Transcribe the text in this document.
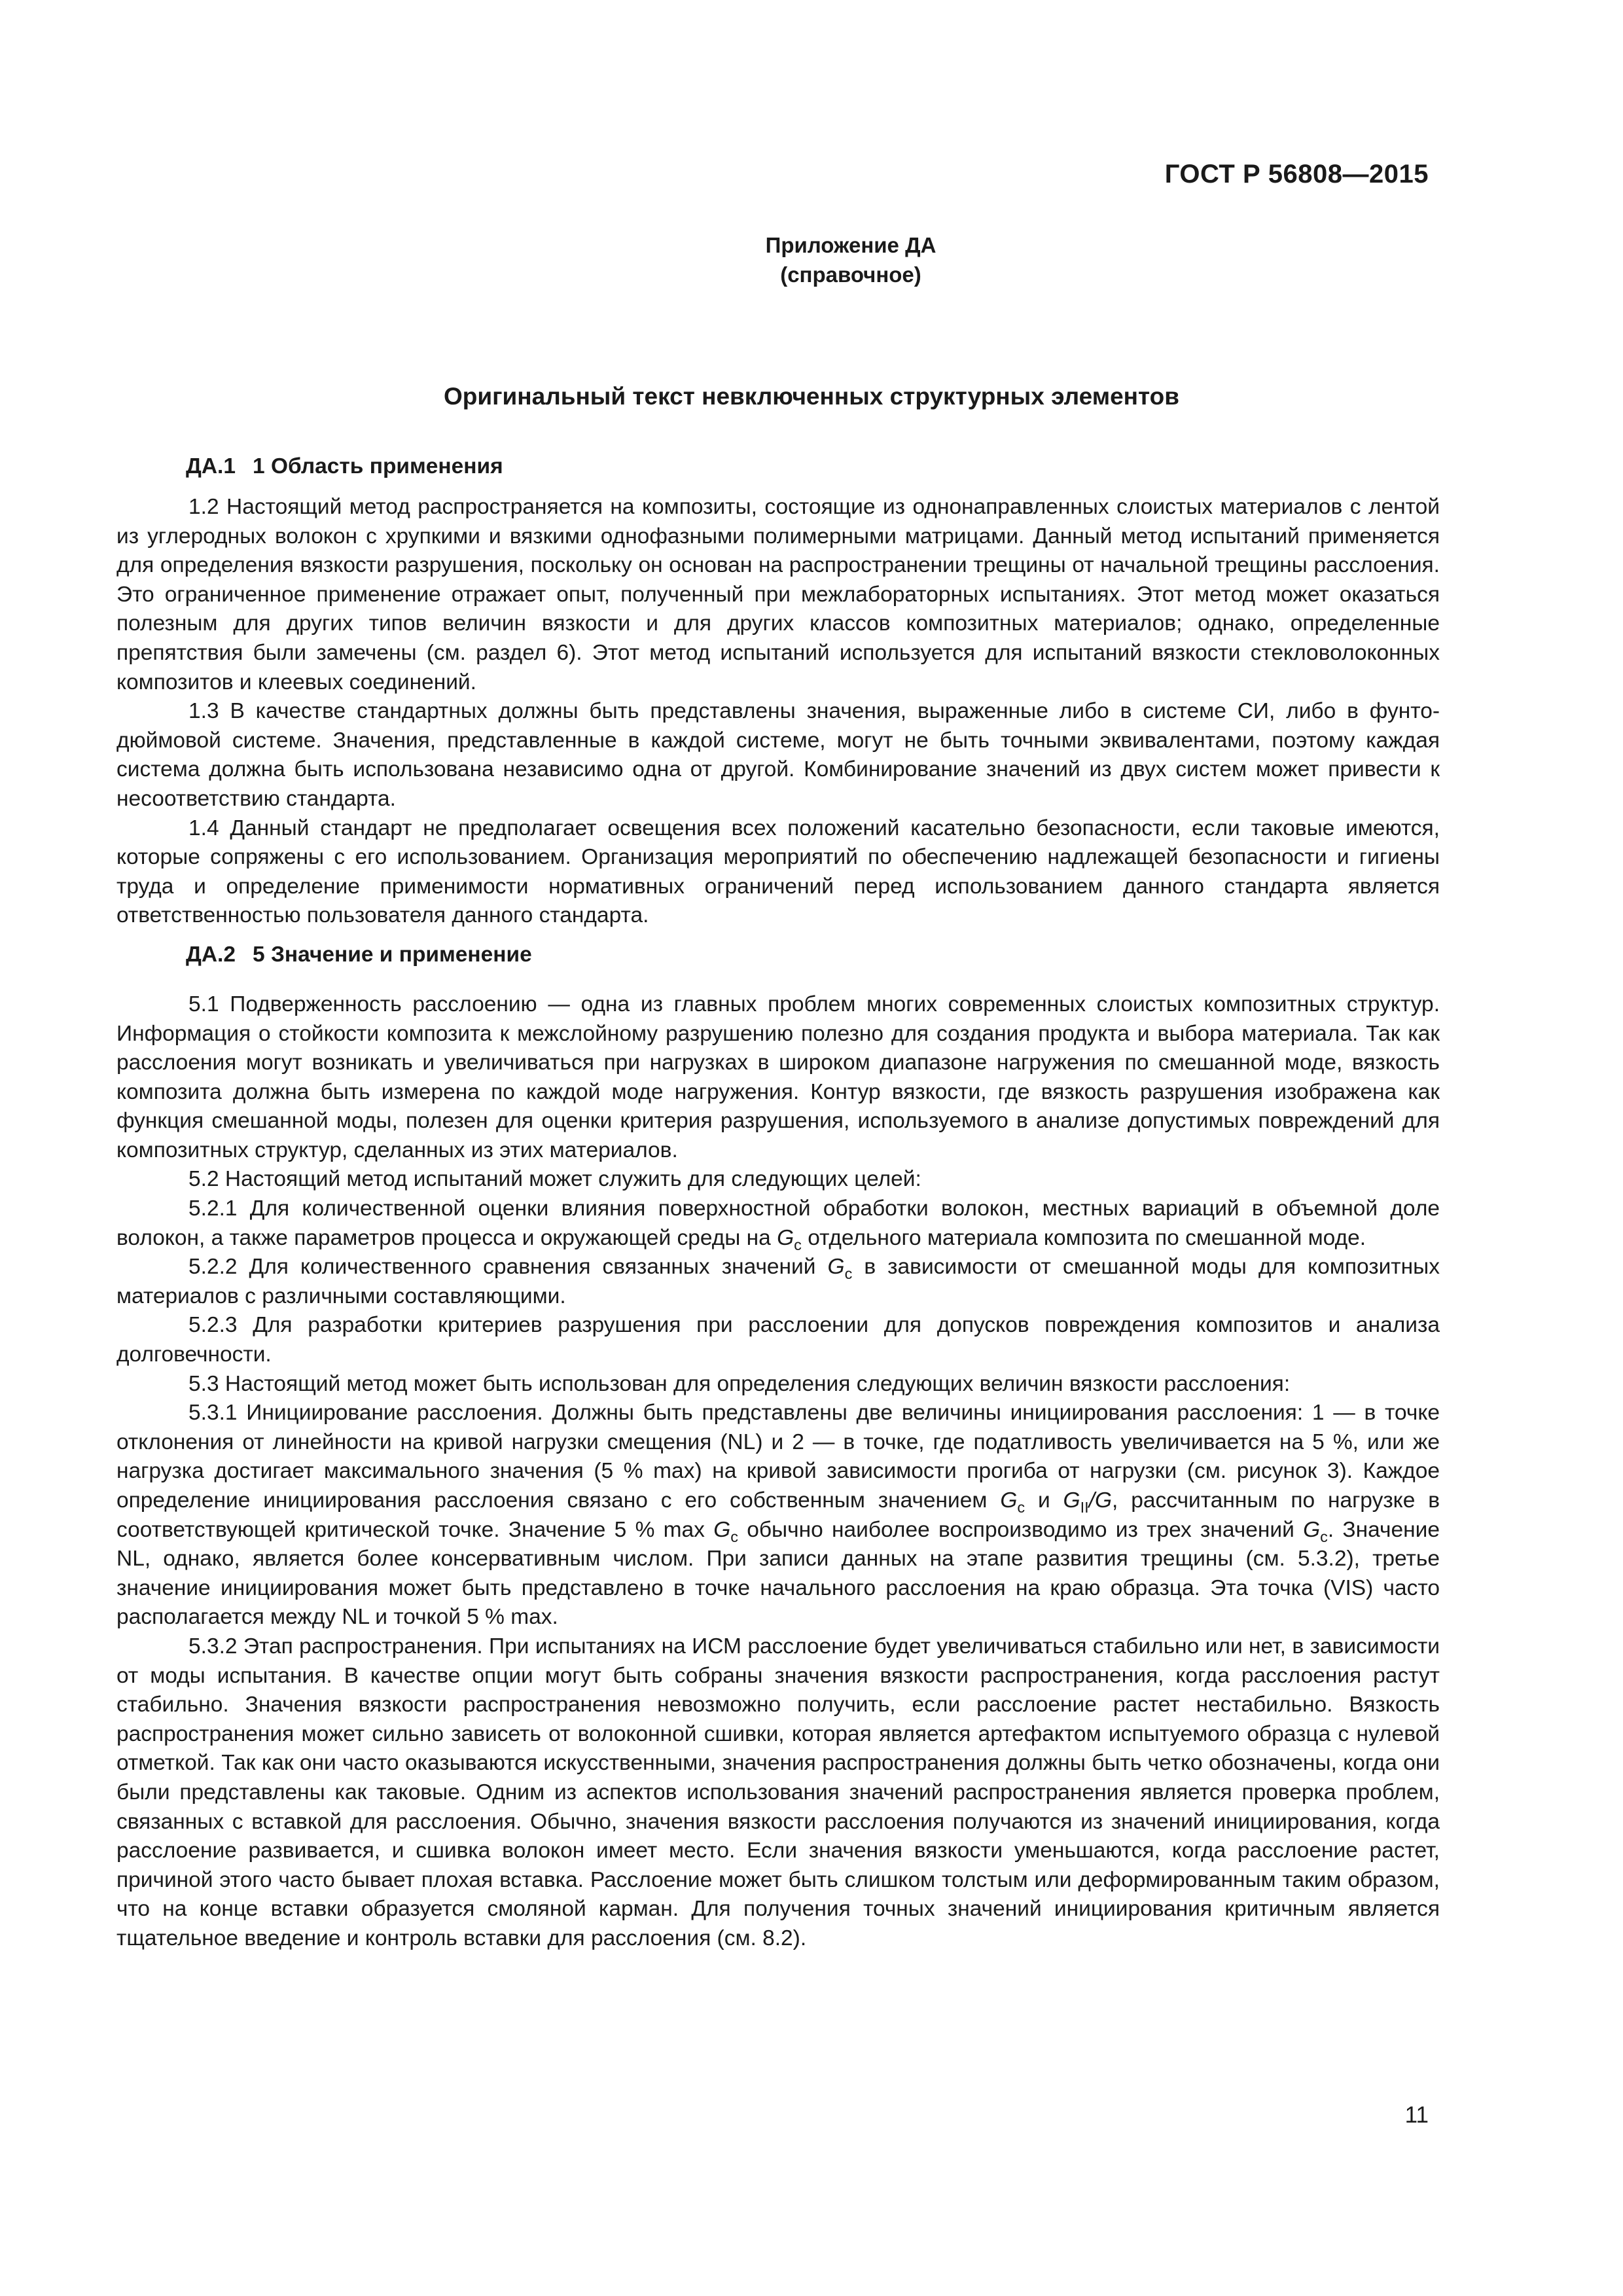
ГОСТ Р 56808—2015
Приложение ДА
(справочное)
Оригинальный текст невключенных структурных элементов
ДА.1 1 Область применения

1.2 Настоящий метод распространяется на композиты, состоящие из однонаправленных слоистых материалов с лентой из углеродных волокон с хрупкими и вязкими однофазными полимерными матрицами. Данный метод испытаний применяется для определения вязкости разрушения, поскольку он основан на распространении трещины от начальной трещины расслоения. Это ограниченное применение отражает опыт, полученный при межлабораторных испытаниях. Этот метод может оказаться полезным для других типов величин вязкости и для других классов композитных материалов; однако, определенные препятствия были замечены (см. раздел 6). Этот метод испытаний используется для испытаний вязкости стекловолоконных композитов и клеевых соединений.

1.3 В качестве стандартных должны быть представлены значения, выраженные либо в системе СИ, либо в фунто-дюймовой системе. Значения, представленные в каждой системе, могут не быть точными эквивалентами, поэтому каждая система должна быть использована независимо одна от другой. Комбинирование значений из двух систем может привести к несоответствию стандарта.

1.4 Данный стандарт не предполагает освещения всех положений касательно безопасности, если таковые имеются, которые сопряжены с его использованием. Организация мероприятий по обеспечению надлежащей безопасности и гигиены труда и определение применимости нормативных ограничений перед использованием данного стандарта является ответственностью пользователя данного стандарта.

ДА.2 5 Значение и применение

5.1 Подверженность расслоению — одна из главных проблем многих современных слоистых композитных структур. Информация о стойкости композита к межслойному разрушению полезно для создания продукта и выбора материала. Так как расслоения могут возникать и увеличиваться при нагрузках в широком диапазоне нагружения по смешанной моде, вязкость композита должна быть измерена по каждой моде нагружения. Контур вязкости, где вязкость разрушения изображена как функция смешанной моды, полезен для оценки критерия разрушения, используемого в анализе допустимых повреждений для композитных структур, сделанных из этих материалов.

5.2 Настоящий метод испытаний может служить для следующих целей:

5.2.1 Для количественной оценки влияния поверхностной обработки волокон, местных вариаций в объемной доле волокон, а также параметров процесса и окружающей среды на $G_c$ отдельного материала композита по смешанной моде.

5.2.2 Для количественного сравнения связанных значений $G_c$ в зависимости от смешанной моды для композитных материалов с различными составляющими.

5.2.3 Для разработки критериев разрушения при расслоении для допусков повреждения композитов и анализа долговечности.

5.3 Настоящий метод может быть использован для определения следующих величин вязкости расслоения:

5.3.1 Инициирование расслоения. Должны быть представлены две величины инициирования расслоения: 1 — в точке отклонения от линейности на кривой нагрузки смещения (NL) и 2 — в точке, где податливость увеличивается на 5 %, или же нагрузка достигает максимального значения (5 % max) на кривой зависимости прогиба от нагрузки (см. рисунок 3). Каждое определение инициирования расслоения связано с его собственным значением $G_c$ и $G_{II}/G$, рассчитанным по нагрузке в соответствующей критической точке. Значение 5 % $\max G_c$ обычно наиболее воспроизводимо из трех значений $G_c$. Значение NL, однако, является более консервативным числом. При записи данных на этапе развития трещины (см. 5.3.2), третье значение инициирования может быть представлено в точке начального расслоения на краю образца. Эта точка (VIS) часто располагается между NL и точкой 5 % max.

5.3.2 Этап распространения. При испытаниях на ИСМ расслоение будет увеличиваться стабильно или нет, в зависимости от моды испытания. В качестве опции могут быть собраны значения вязкости распространения, когда расслоения растут стабильно. Значения вязкости распространения невозможно получить, если расслоение растет нестабильно. Вязкость распространения может сильно зависеть от волоконной сшивки, которая является артефактом испытуемого образца с нулевой отметкой. Так как они часто оказываются искусственными, значения распространения должны быть четко обозначены, когда они были представлены как таковые. Одним из аспектов использования значений распространения является проверка проблем, связанных с вставкой для расслоения. Обычно, значения вязкости расслоения получаются из значений инициирования, когда расслоение развивается, и сшивка волокон имеет место. Если значения вязкости уменьшаются, когда расслоение растет, причиной этого часто бывает плохая вставка. Расслоение может быть слишком толстым или деформированным таким образом, что на конце вставки образуется смоляной карман. Для получения точных значений инициирования критичным является тщательное введение и контроль вставки для расслоения (см. 8.2).

11
